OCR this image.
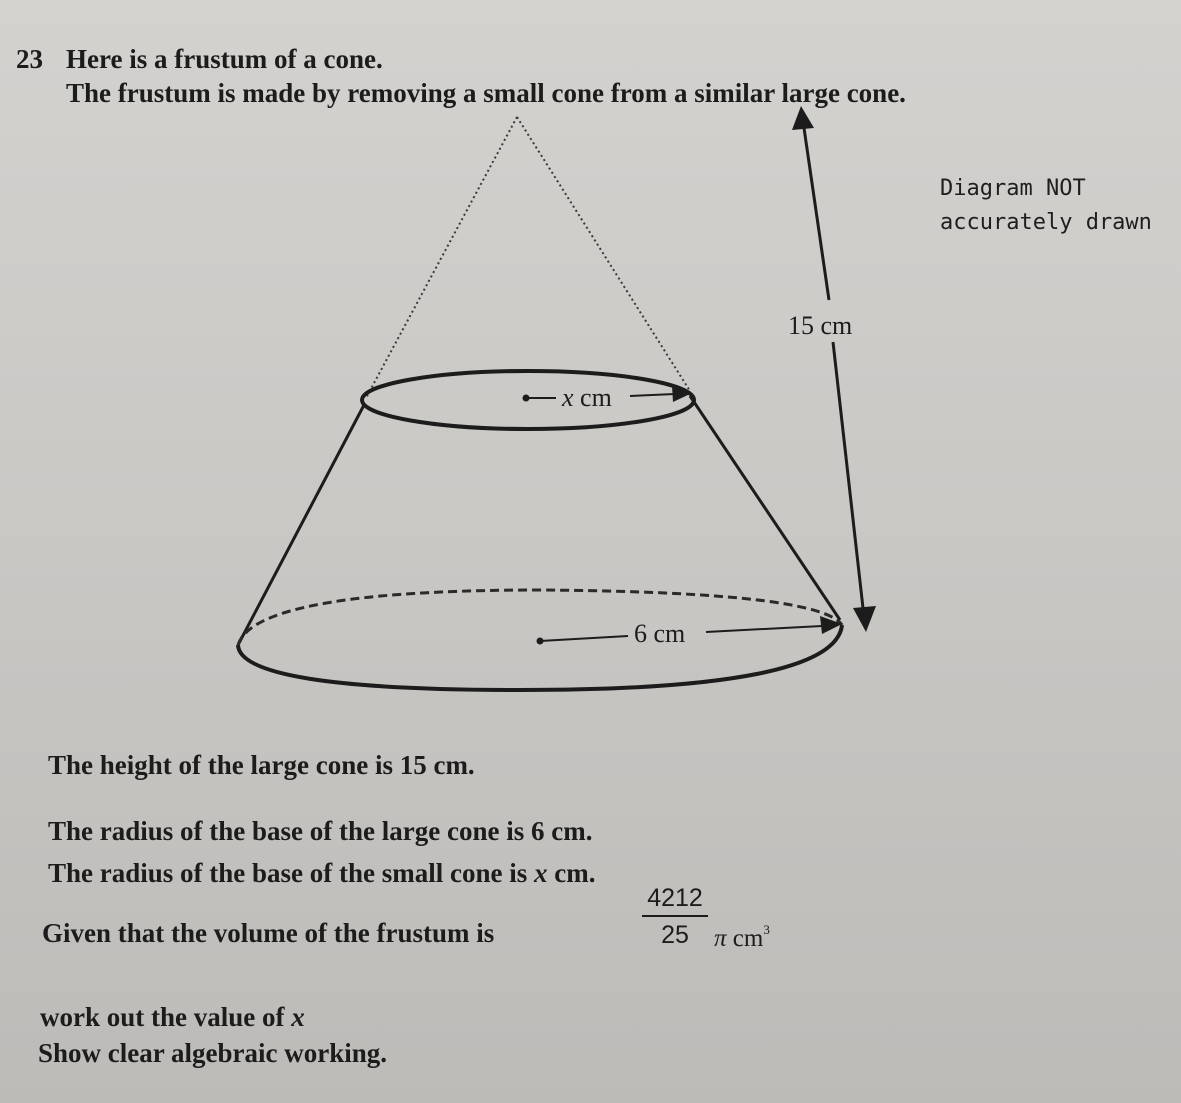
x cm
6 cm
15 cm
23 Here is a frustum of a cone.
The frustum is made by removing a small cone from a similar large cone.
Diagram NOT
accurately drawn
The height of the large cone is 15 cm.
The radius of the base of the large cone is 6 cm.
The radius of the base of the small cone is x cm.
Given that the volume of the frustum is
4212
25	π $cm^3$
work out the value of x
Show clear algebraic working.
